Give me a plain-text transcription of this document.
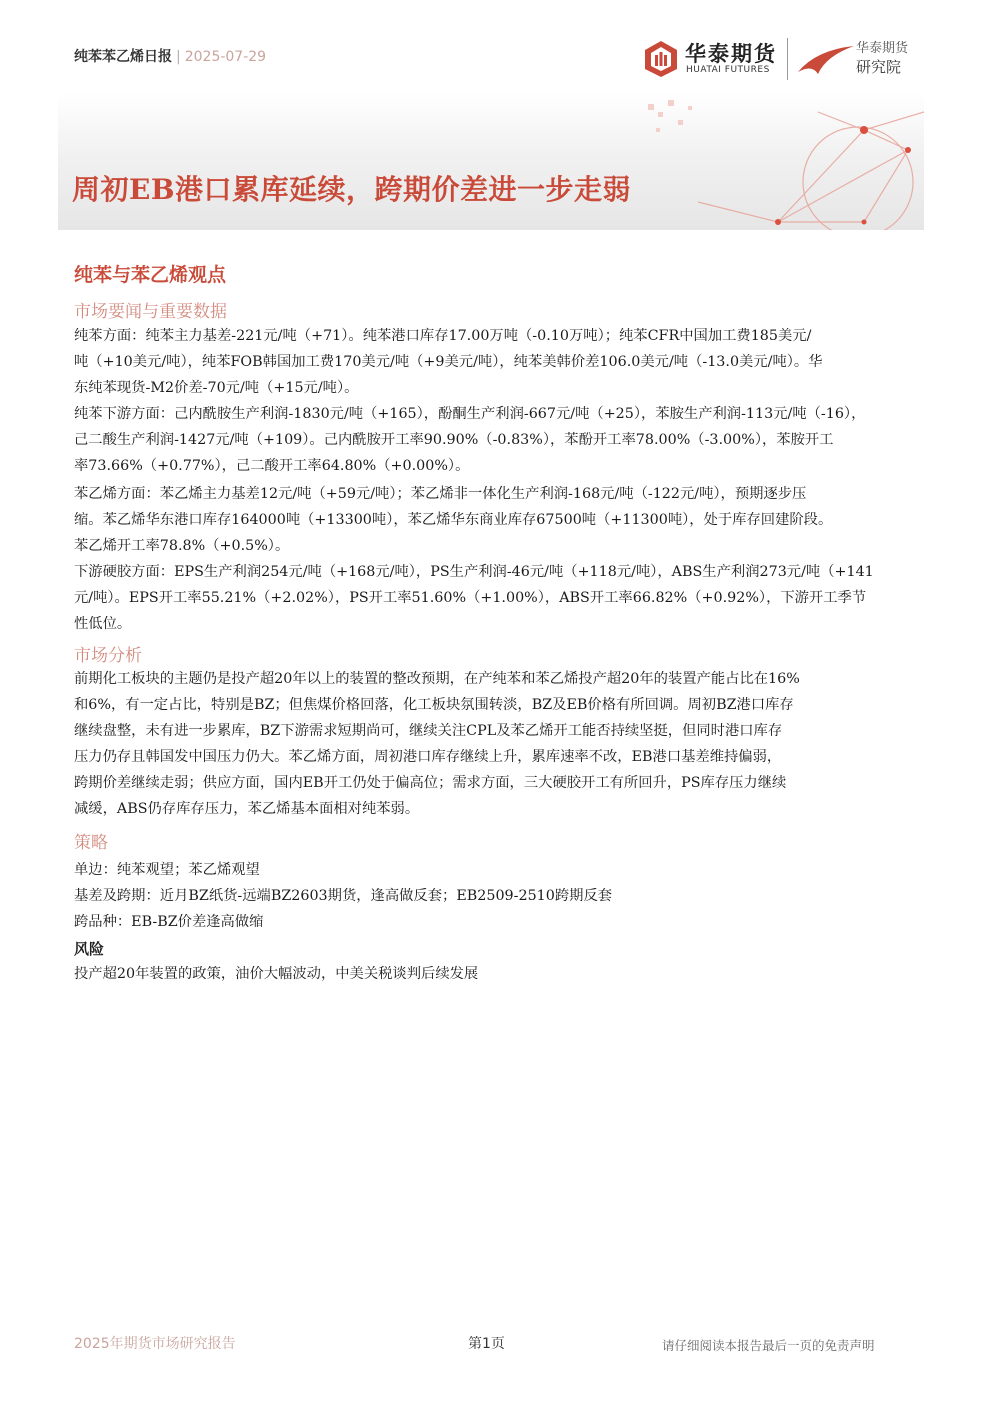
纯苯苯乙烯日报 | 2025-07-29	华泰期货
HUATAI FUTURES
华泰期货
研究院
周初EB港口累库延续，跨期价差进一步走弱
纯苯与苯乙烯观点
市场要闻与重要数据
纯苯方面：纯苯主力基差-221元/吨（+71）。纯苯港口库存17.00万吨（-0.10万吨）；纯苯CFR中国加工费185美元/
吨（+10美元/吨），纯苯FOB韩国加工费170美元/吨（+9美元/吨），纯苯美韩价差106.0美元/吨（-13.0美元/吨）。华
东纯苯现货-M2价差-70元/吨（+15元/吨）。
纯苯下游方面：己内酰胺生产利润-1830元/吨（+165），酚酮生产利润-667元/吨（+25），苯胺生产利润-113元/吨（-16），
己二酸生产利润-1427元/吨（+109）。己内酰胺开工率90.90%（-0.83%），苯酚开工率78.00%（-3.00%），苯胺开工
率73.66%（+0.77%），己二酸开工率64.80%（+0.00%）。
苯乙烯方面：苯乙烯主力基差12元/吨（+59元/吨）；苯乙烯非一体化生产利润-168元/吨（-122元/吨），预期逐步压
缩。苯乙烯华东港口库存164000吨（+13300吨），苯乙烯华东商业库存67500吨（+11300吨），处于库存回建阶段。
苯乙烯开工率78.8%（+0.5%）。
下游硬胶方面：EPS生产利润254元/吨（+168元/吨），PS生产利润-46元/吨（+118元/吨），ABS生产利润273元/吨（+141
元/吨）。EPS开工率55.21%（+2.02%），PS开工率51.60%（+1.00%），ABS开工率66.82%（+0.92%），下游开工季节
性低位。
市场分析
前期化工板块的主题仍是投产超20年以上的装置的整改预期，在产纯苯和苯乙烯投产超20年的装置产能占比在16%
和6%，有一定占比，特别是BZ；但焦煤价格回落，化工板块氛围转淡，BZ及EB价格有所回调。周初BZ港口库存
继续盘整，未有进一步累库，BZ下游需求短期尚可，继续关注CPL及苯乙烯开工能否持续坚挺，但同时港口库存
压力仍存且韩国发中国压力仍大。苯乙烯方面，周初港口库存继续上升，累库速率不改，EB港口基差维持偏弱，
跨期价差继续走弱；供应方面，国内EB开工仍处于偏高位；需求方面，三大硬胶开工有所回升，PS库存压力继续
减缓，ABS仍存库存压力，苯乙烯基本面相对纯苯弱。
策略
单边：纯苯观望；苯乙烯观望
基差及跨期：近月BZ纸货-远端BZ2603期货，逢高做反套；EB2509-2510跨期反套
跨品种：EB-BZ价差逢高做缩
风险
投产超20年装置的政策，油价大幅波动，中美关税谈判后续发展
2025年期货市场研究报告	第1页	请仔细阅读本报告最后一页的免责声明
